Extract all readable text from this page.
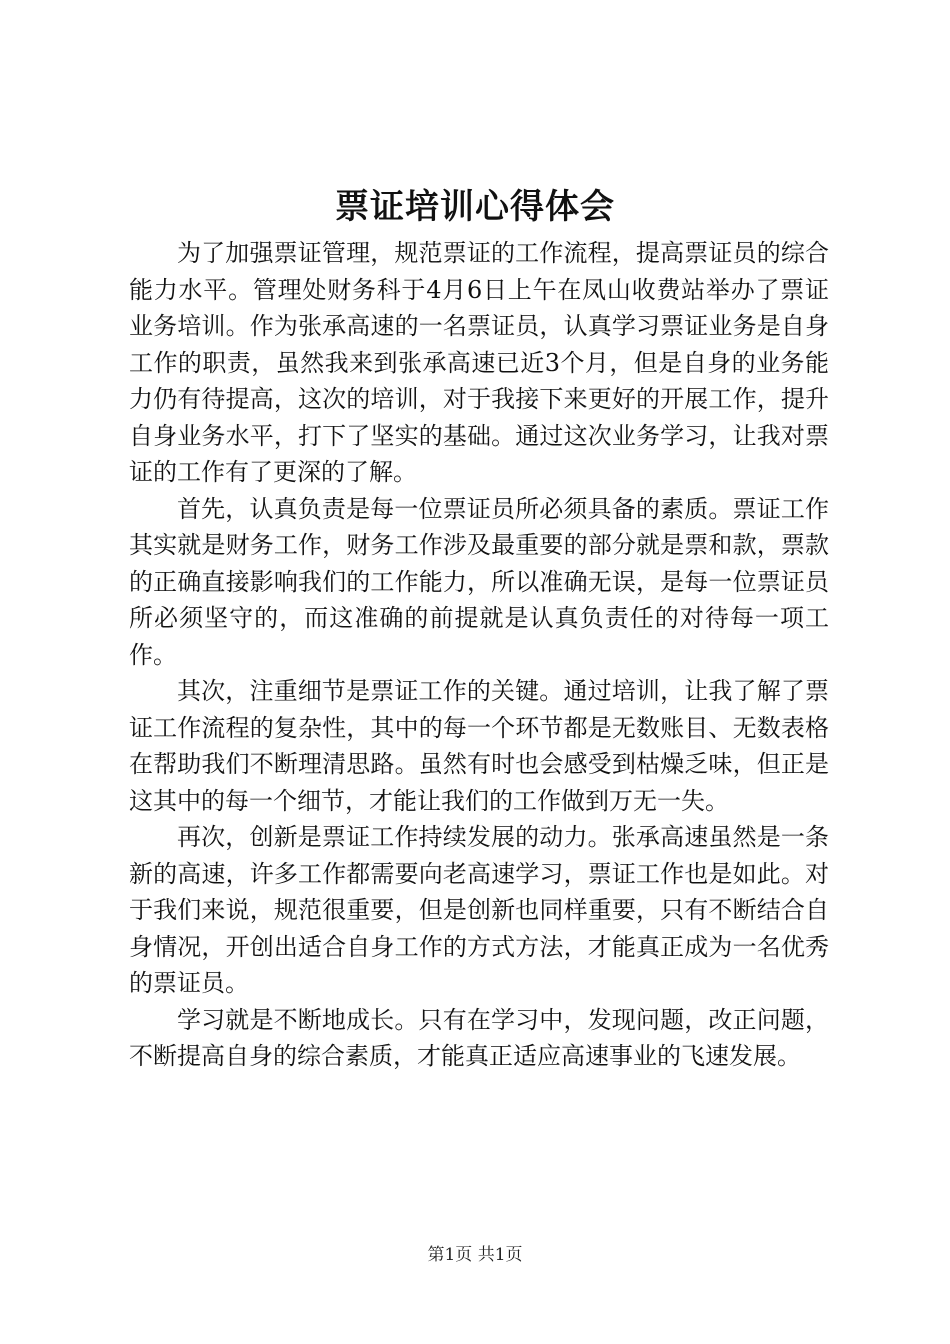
票证培训心得体会

为了加强票证管理，规范票证的工作流程，提高票证员的综合能力水平。管理处财务科于4月6日上午在凤山收费站举办了票证业务培训。作为张承高速的一名票证员，认真学习票证业务是自身工作的职责，虽然我来到张承高速已近3个月，但是自身的业务能力仍有待提高，这次的培训，对于我接下来更好的开展工作，提升自身业务水平，打下了坚实的基础。通过这次业务学习，让我对票证的工作有了更深的了解。

首先，认真负责是每一位票证员所必须具备的素质。票证工作其实就是财务工作，财务工作涉及最重要的部分就是票和款，票款的正确直接影响我们的工作能力，所以准确无误，是每一位票证员所必须坚守的，而这准确的前提就是认真负责任的对待每一项工作。

其次，注重细节是票证工作的关键。通过培训，让我了解了票证工作流程的复杂性，其中的每一个环节都是无数账目、无数表格在帮助我们不断理清思路。虽然有时也会感受到枯燥乏味，但正是这其中的每一个细节，才能让我们的工作做到万无一失。

再次，创新是票证工作持续发展的动力。张承高速虽然是一条新的高速，许多工作都需要向老高速学习，票证工作也是如此。对于我们来说，规范很重要，但是创新也同样重要，只有不断结合自身情况，开创出适合自身工作的方式方法，才能真正成为一名优秀的票证员。

学习就是不断地成长。只有在学习中，发现问题，改正问题，不断提高自身的综合素质，才能真正适应高速事业的飞速发展。

第1页 共1页
